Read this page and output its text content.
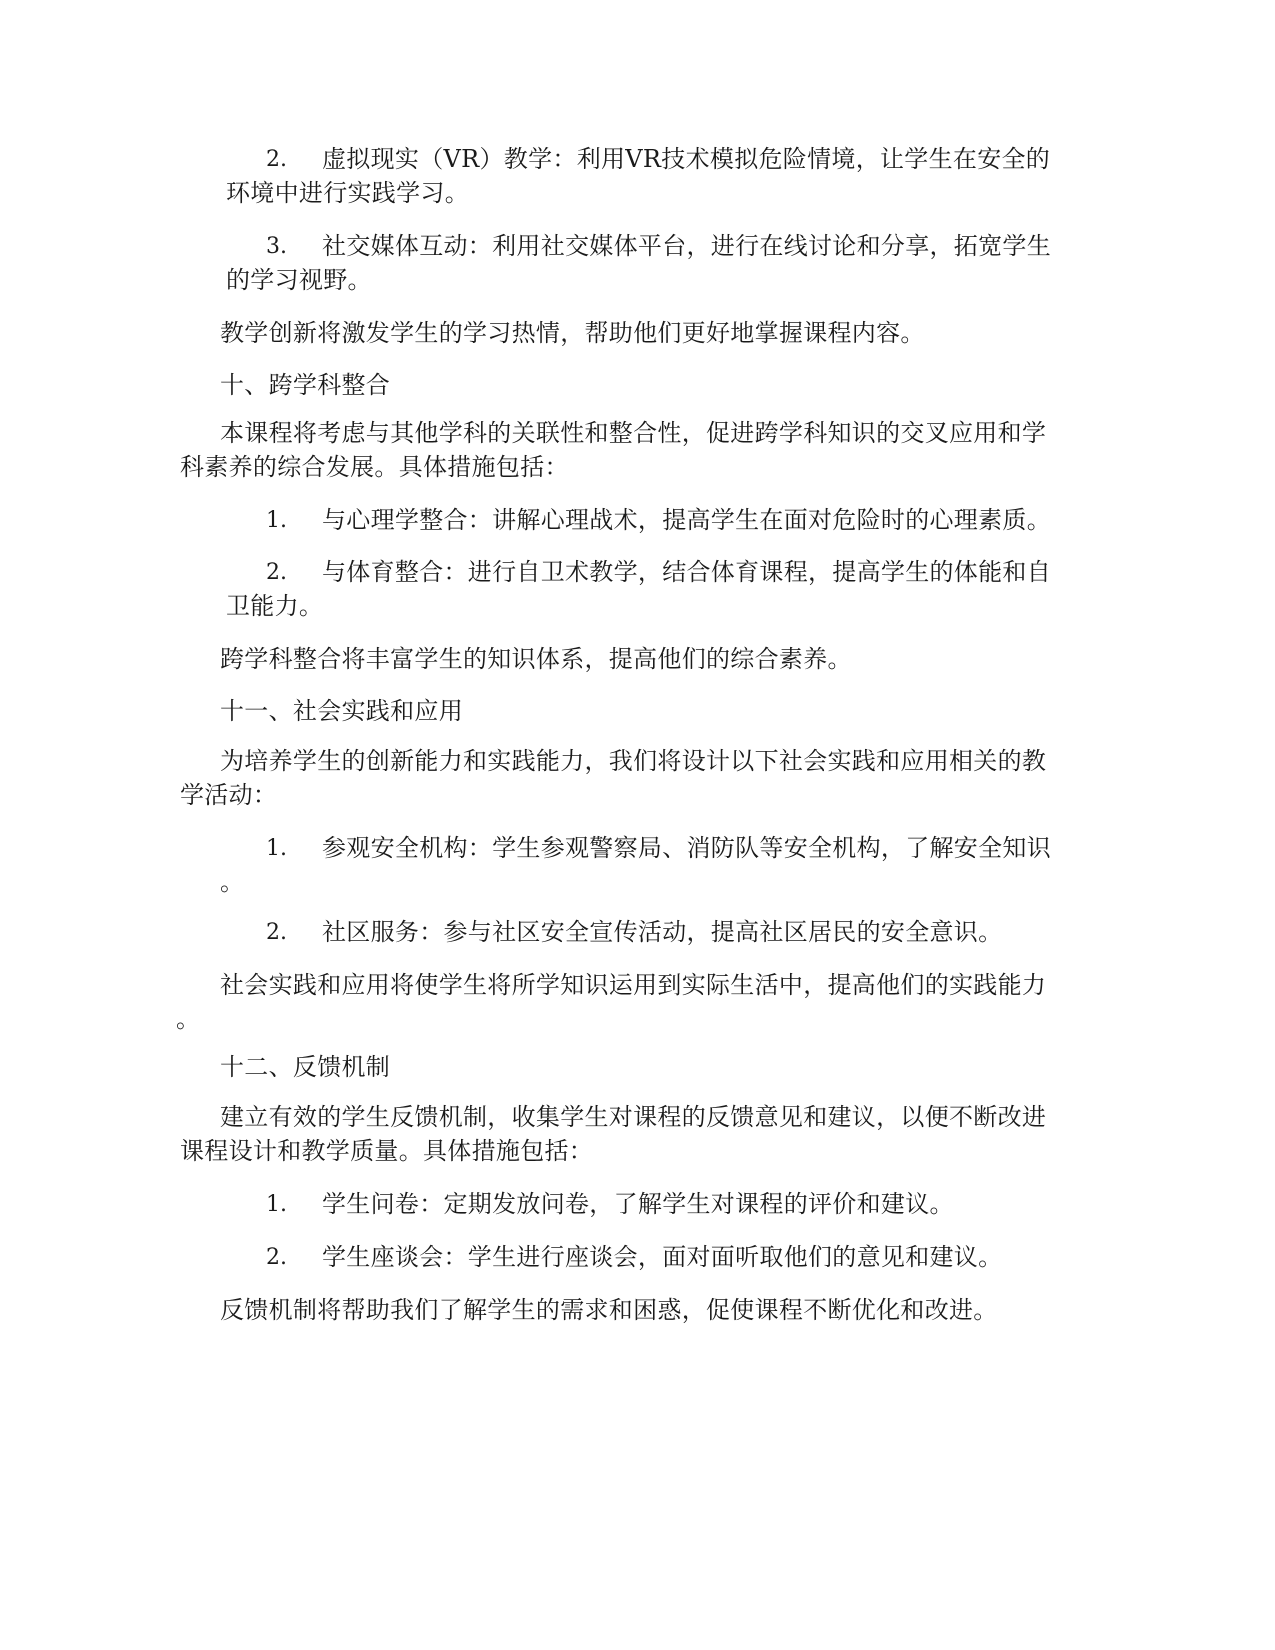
2. 虚拟现实（VR）教学：利用VR技术模拟危险情境，让学生在安全的
环境中进行实践学习。
3. 社交媒体互动：利用社交媒体平台，进行在线讨论和分享，拓宽学生
的学习视野。
教学创新将激发学生的学习热情，帮助他们更好地掌握课程内容。
十、跨学科整合
本课程将考虑与其他学科的关联性和整合性，促进跨学科知识的交叉应用和学
科素养的综合发展。具体措施包括：
1. 与心理学整合：讲解心理战术，提高学生在面对危险时的心理素质。
2. 与体育整合：进行自卫术教学，结合体育课程，提高学生的体能和自
卫能力。
跨学科整合将丰富学生的知识体系，提高他们的综合素养。
十一、社会实践和应用
为培养学生的创新能力和实践能力，我们将设计以下社会实践和应用相关的教
学活动：
1. 参观安全机构：学生参观警察局、消防队等安全机构，了解安全知识
。
2. 社区服务：参与社区安全宣传活动，提高社区居民的安全意识。
社会实践和应用将使学生将所学知识运用到实际生活中，提高他们的实践能力
。
十二、反馈机制
建立有效的学生反馈机制，收集学生对课程的反馈意见和建议，以便不断改进
课程设计和教学质量。具体措施包括：
1. 学生问卷：定期发放问卷，了解学生对课程的评价和建议。
2. 学生座谈会：学生进行座谈会，面对面听取他们的意见和建议。
反馈机制将帮助我们了解学生的需求和困惑，促使课程不断优化和改进。
